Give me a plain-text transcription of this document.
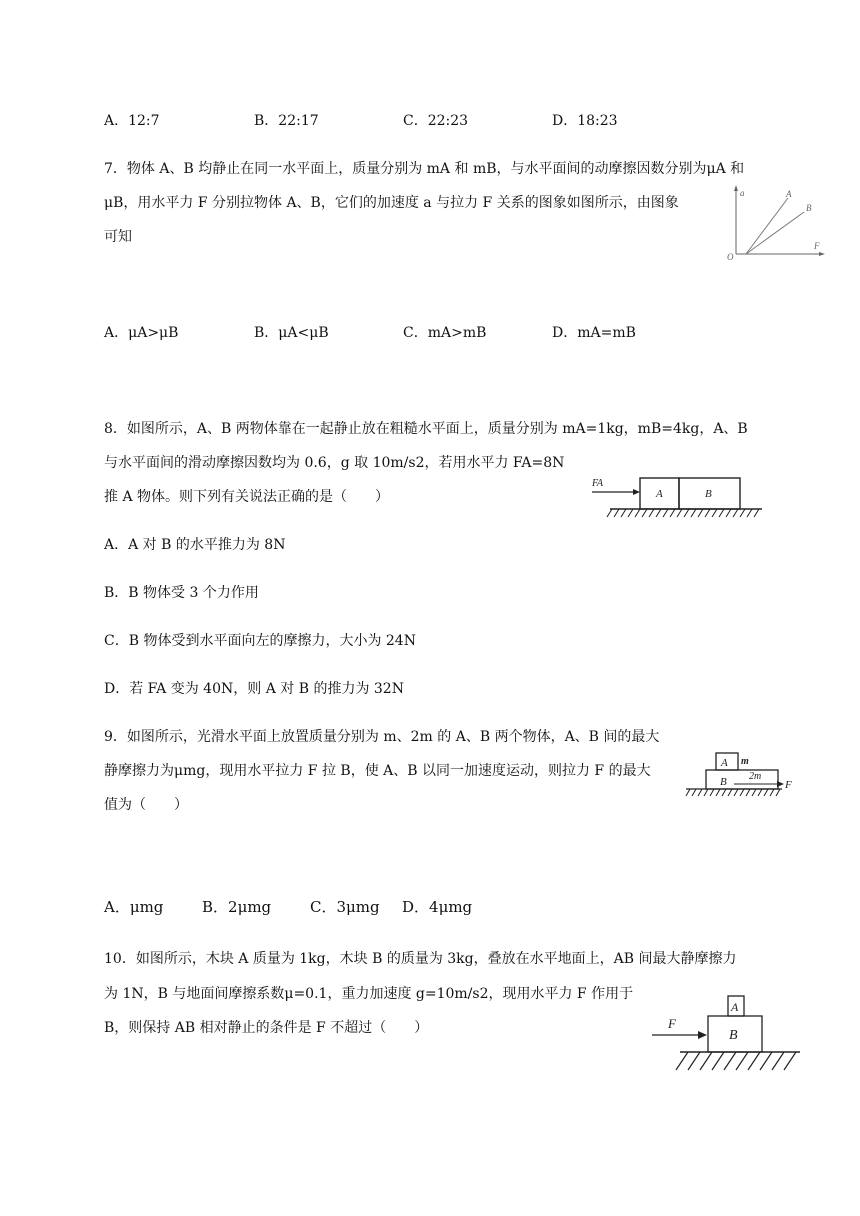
A．12:7	B．22:17	C．22:23	D．18:23
7．物体 A、B 均静止在同一水平面上，质量分别为 mA 和 mB，与水平面间的动摩擦因数分别为μA 和
μB，用水平力 F 分别拉物体 A、B，它们的加速度 a 与拉力 F 关系的图象如图所示，由图象
可知
a	A
B
F
O
A．μA>μB	B．μA<μB	C．mA>mB	D．mA=mB
8．如图所示，A、B 两物体靠在一起静止放在粗糙水平面上，质量分别为 mA=1kg，mB=4kg，A、B
与水平面间的滑动摩擦因数均为 0.6，g 取 10m/s2，若用水平力 FA=8N
推 A 物体。则下列有关说法正确的是（　　）
FA
A	B
A．A 对 B 的水平推力为 8N
B．B 物体受 3 个力作用
C．B 物体受到水平面向左的摩擦力，大小为 24N
D．若 FA 变为 40N，则 A 对 B 的推力为 32N
9．如图所示，光滑水平面上放置质量分别为 m、2m 的 A、B 两个物体，A、B 间的最大
静摩擦力为μmg，现用水平拉力 F 拉 B，使 A、B 以同一加速度运动，则拉力 F 的最大
值为（　　）
A m
B 2m
F
A．μmg	B．2μmg	C．3μmg D．4μmg
10．如图所示，木块 A 质量为 1kg，木块 B 的质量为 3kg，叠放在水平地面上，AB 间最大静摩擦力
为 1N，B 与地面间摩擦系数μ=0.1，重力加速度 g=10m/s2，现用水平力 F 作用于
B，则保持 AB 相对静止的条件是 F 不超过（　　）
A
B
F
